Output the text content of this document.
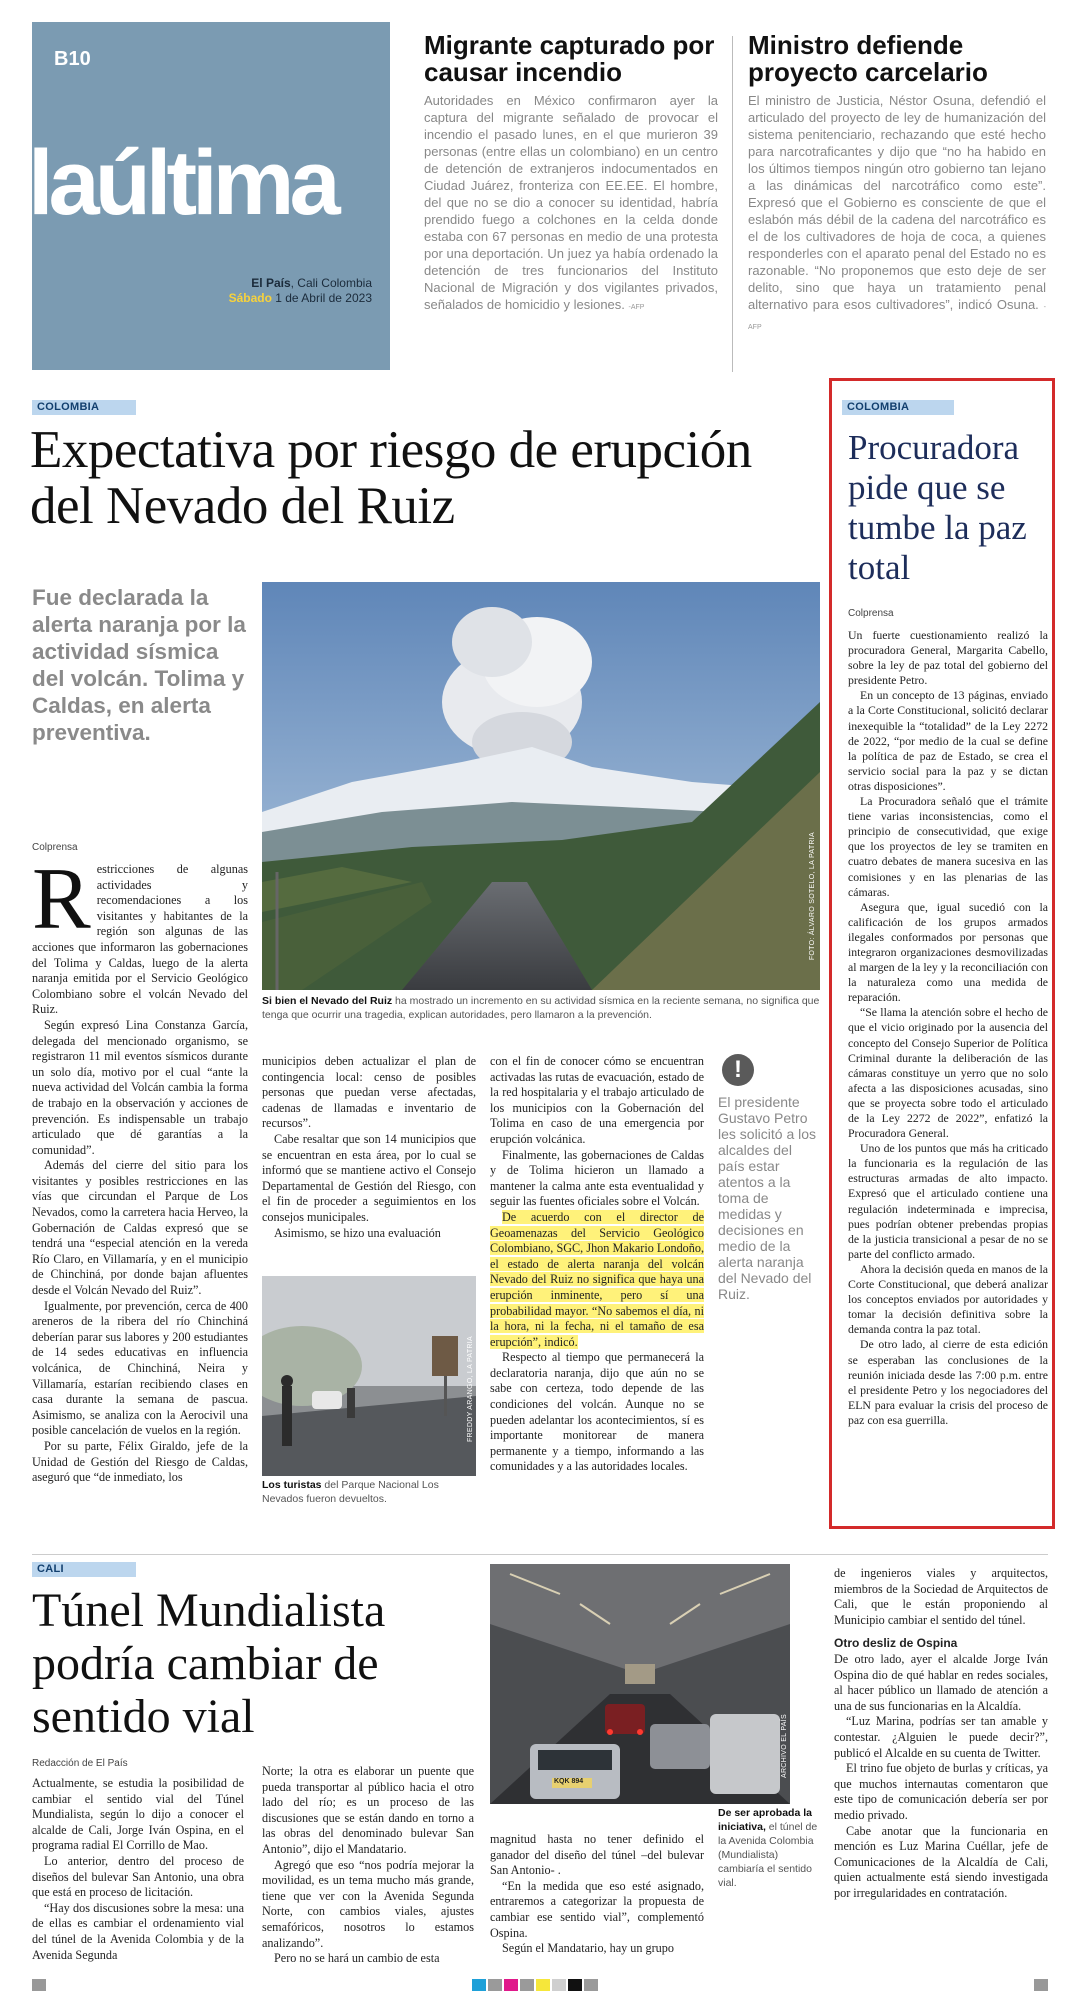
B10
laúltima
El País, Cali Colombia
Sábado 1 de Abril de 2023
Migrante capturado por causar incendio
Autoridades en México confirmaron ayer la captura del migrante señalado de provocar el incendio el pasado lunes, en el que murieron 39 personas (entre ellas un colombiano) en un centro de detención de extranjeros indocumentados en Ciudad Juárez, fronteriza con EE.EE. El hombre, del que no se dio a conocer su identidad, habría prendido fuego a colchones en la celda donde estaba con 67 personas en medio de una protesta por una deportación. Un juez ya había ordenado la detención de tres funcionarios del Instituto Nacional de Migración y dos vigilantes privados, señalados de homicidio y lesiones. -AFP
Ministro defiende proyecto carcelario
El ministro de Justicia, Néstor Osuna, defendió el articulado del proyecto de ley de humanización del sistema penitenciario, rechazando que esté hecho para narcotraficantes y dijo que “no ha habido en los últimos tiempos ningún otro gobierno tan lejano a las dinámicas del narcotráfico como este”. Expresó que el Gobierno es consciente de que el eslabón más débil de la cadena del narcotráfico es el de los cultivadores de hoja de coca, a quienes responderles con el aparato penal del Estado no es razonable. “No proponemos que esto deje de ser delito, sino que haya un tratamiento penal alternativo para esos cultivadores”, indicó Osuna. -AFP
COLOMBIA
Expectativa por riesgo de erupción del Nevado del Ruiz
Fue declarada la alerta naranja por la actividad sísmica del volcán. Tolima y Caldas, en alerta preventiva.
Colprensa	FOTO: ÁLVARO SOTELO, LA PATRIA
Si bien el Nevado del Ruiz ha mostrado un incremento en su actividad sísmica en la reciente semana, no significa que tenga que ocurrir una tragedia, explican autoridades, pero llamaron a la prevención.

Restricciones de algunas actividades y recomendaciones a los visitantes y habitantes de la región son algunas de las acciones que informaron las gobernaciones del Tolima y Caldas, luego de la alerta naranja emitida por el Servicio Geológico Colombiano sobre el volcán Nevado del Ruiz.

Según expresó Lina Constanza García, delegada del mencionado organismo, se registraron 11 mil eventos sísmicos durante un solo día, motivo por el cual “ante la nueva actividad del Volcán cambia la forma de trabajo en la observación y acciones de prevención. Es indispensable un trabajo articulado que dé garantías a la comunidad”.

Además del cierre del sitio para los visitantes y posibles restricciones en las vías que circundan el Parque de Los Nevados, como la carretera hacia Herveo, la Gobernación de Caldas expresó que se tendrá una “especial atención en la vereda Río Claro, en Villamaría, y en el municipio de Chinchiná, por donde bajan afluentes desde el Volcán Nevado del Ruiz”.

Igualmente, por prevención, cerca de 400 areneros de la ribera del río Chinchiná deberían parar sus labores y 200 estudiantes de 14 sedes educativas en influencia volcánica, de Chinchiná, Neira y Villamaría, estarían recibiendo clases en casa durante la semana de pascua. Asimismo, se analiza con la Aerocivil una posible cancelación de vuelos en la región.

Por su parte, Félix Giraldo, jefe de la Unidad de Gestión del Riesgo de Caldas, aseguró que “de inmediato, los

municipios deben actualizar el plan de contingencia local: censo de posibles personas que puedan verse afectadas, cadenas de llamadas e inventario de recursos”.

Cabe resaltar que son 14 municipios que se encuentran en esta área, por lo cual se informó que se mantiene activo el Consejo Departamental de Gestión del Riesgo, con el fin de proceder a seguimientos en los consejos municipales.

Asimismo, se hizo una evaluación

FREDDY ARANGO, LA PATRIA
Los turistas del Parque Nacional Los Nevados fueron devueltos.

con el fin de conocer cómo se encuentran activadas las rutas de evacuación, estado de la red hospitalaria y el trabajo articulado de los municipios con la Gobernación del Tolima en caso de una emergencia por erupción volcánica.

Finalmente, las gobernaciones de Caldas y de Tolima hicieron un llamado a mantener la calma ante esta eventualidad y seguir las fuentes oficiales sobre el Volcán.

De acuerdo con el director de Geoamenazas del Servicio Geológico Colombiano, SGC, Jhon Makario Londoño, el estado de alerta naranja del volcán Nevado del Ruiz no significa que haya una erupción inminente, pero sí una probabilidad mayor. “No sabemos el día, ni la hora, ni la fecha, ni el tamaño de esa erupción”, indicó.

Respecto al tiempo que permanecerá la declaratoria naranja, dijo que aún no se sabe con certeza, todo depende de las condiciones del volcán. Aunque no se pueden adelantar los acontecimientos, sí es importante monitorear de manera permanente y a tiempo, informando a las comunidades y a las autoridades locales.

!
El presidente Gustavo Petro les solicitó a los alcaldes del país estar atentos a la toma de medidas y decisiones en medio de la alerta naranja del Nevado del Ruiz.
COLOMBIA
Procuradora pide que se tumbe la paz total
Colprensa

Un fuerte cuestionamiento realizó la procuradora General, Margarita Cabello, sobre la ley de paz total del gobierno del presidente Petro.

En un concepto de 13 páginas, enviado a la Corte Constitucional, solicitó declarar inexequible la “totalidad” de la Ley 2272 de 2022, “por medio de la cual se define la política de paz de Estado, se crea el servicio social para la paz y se dictan otras disposiciones”.

La Procuradora señaló que el trámite tiene varias inconsistencias, como el principio de consecutividad, que exige que los proyectos de ley se tramiten en cuatro debates de manera sucesiva en las comisiones y en las plenarias de las cámaras.

Asegura que, igual sucedió con la calificación de los grupos armados ilegales conformados por personas que integraron organizaciones desmovilizadas al margen de la ley y la reconciliación con la naturaleza como una medida de reparación.

“Se llama la atención sobre el hecho de que el vicio originado por la ausencia del concepto del Consejo Superior de Política Criminal durante la deliberación de las cámaras constituye un yerro que no solo afecta a las disposiciones acusadas, sino que se proyecta sobre todo el articulado de la Ley 2272 de 2022”, enfatizó la Procuradora General.

Uno de los puntos que más ha criticado la funcionaria es la regulación de las estructuras armadas de alto impacto. Expresó que el articulado contiene una regulación indeterminada e imprecisa, pues podrían obtener prebendas propias de la justicia transicional a pesar de no se parte del conflicto armado.

Ahora la decisión queda en manos de la Corte Constitucional, que deberá analizar los conceptos enviados por autoridades y tomar la decisión definitiva sobre la demanda contra la paz total.

De otro lado, al cierre de esta edición se esperaban las conclusiones de la reunión iniciada desde las 7:00 p.m. entre el presidente Petro y los negociadores del ELN para evaluar la crisis del proceso de paz con esa guerrilla.

CALI
Túnel Mundialista podría cambiar de sentido vial
Redacción de El País

Actualmente, se estudia la posibilidad de cambiar el sentido vial del Túnel Mundialista, según lo dijo a conocer el alcalde de Cali, Jorge Iván Ospina, en el programa radial El Corrillo de Mao.

Lo anterior, dentro del proceso de diseños del bulevar San Antonio, una obra que está en proceso de licitación.

“Hay dos discusiones sobre la mesa: una de ellas es cambiar el ordenamiento vial del túnel de la Avenida Colombia y de la Avenida Segunda

Norte; la otra es elaborar un puente que pueda transportar al público hacia el otro lado del río; es un proceso de las discusiones que se están dando en torno a las obras del denominado bulevar San Antonio”, dijo el Mandatario.

Agregó que eso “nos podría mejorar la movilidad, es un tema mucho más grande, tiene que ver con la Avenida Segunda Norte, con cambios viales, ajustes semafóricos, nosotros lo estamos analizando”.

Pero no se hará un cambio de esta

KQK 894
ARCHIVO EL PAÍS
De ser aprobada la iniciativa, el túnel de la Avenida Colombia (Mundialista) cambiaría el sentido vial.

magnitud hasta no tener definido el ganador del diseño del túnel –del bulevar San Antonio- .

“En la medida que eso esté asignado, entraremos a categorizar la propuesta de cambiar ese sentido vial”, complementó Ospina.

Según el Mandatario, hay un grupo

de ingenieros viales y arquitectos, miembros de la Sociedad de Arquitectos de Cali, que le están proponiendo al Municipio cambiar el sentido del túnel.

Otro desliz de Ospina

De otro lado, ayer el alcalde Jorge Iván Ospina dio de qué hablar en redes sociales, al hacer público un llamado de atención a una de sus funcionarias en la Alcaldía.

“Luz Marina, podrías ser tan amable y contestar. ¿Alguien le puede decir?”, publicó el Alcalde en su cuenta de Twitter.

El trino fue objeto de burlas y críticas, ya que muchos internautas comentaron que este tipo de comunicación debería ser por medio privado.

Cabe anotar que la funcionaria en mención es Luz Marina Cuéllar, jefe de Comunicaciones de la Alcaldía de Cali, quien actualmente está siendo investigada por irregularidades en contratación.
